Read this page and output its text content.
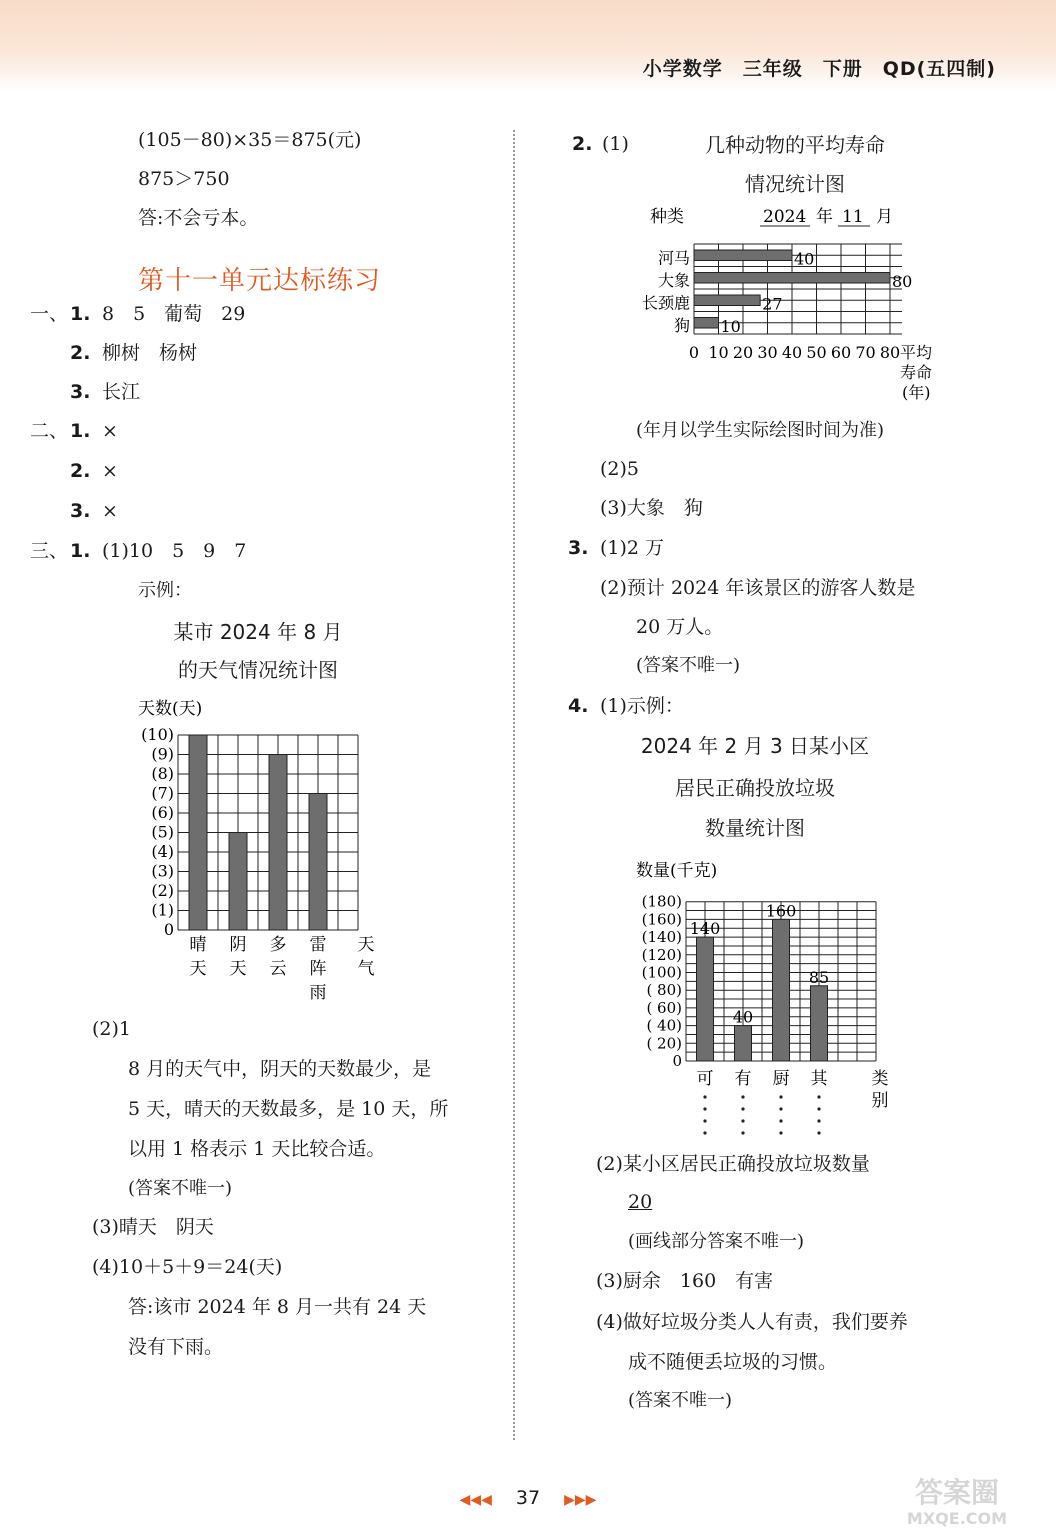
小学数学　三年级　下册　QD(五四制)
(105－80)×35＝875(元)
875＞750
答:不会亏本。
第十一单元达标练习
一、 1. 8　5　葡萄　29
2. 柳树　杨树
3. 长江
二、 1. ×
2. ×
3. ×
三、 1. (1)10　5　9　7
示例：
某市 2024 年 8 月
的天气情况统计图
天数(天)
0
(1)
(2)
(3)
(4)
(5)
(6)
(7)
(8)
(9)
(10)
晴
天
阴
天
多
云
雷
阵
雨
天
气
(2)1
8 月的天气中，阴天的天数最少，是
5 天，晴天的天数最多，是 10 天，所
以用 1 格表示 1 天比较合适。
(答案不唯一)
(3)晴天　阴天
(4)10＋5＋9＝24(天)
答:该市 2024 年 8 月一共有 24 天
没有下雨。
2. (1)	几种动物的平均寿命
情况统计图
种类	2024 年 11 月
0 10 20 30 40 50 60 70 80
40
河马
80
大象
27
长颈鹿
10
狗
平均
寿命
(年)
(年月以学生实际绘图时间为准)
(2)5
(3)大象　狗
3. (1)2 万
(2)预计 2024 年该景区的游客人数是
20 万人。
(答案不唯一)
4. (1)示例：
2024 年 2 月 3 日某小区
居民正确投放垃圾
数量统计图
数量(千克)
0
( 20)
( 40)
( 60)
( 80)
(100)
(120)
(140)
(160)
(180)
140
可
40
有
160
厨
85
其	类
别
(2)某小区居民正确投放垃圾数量
20
(画线部分答案不唯一)
(3)厨余　160　有害
(4)做好垃圾分类人人有责，我们要养
成不随便丢垃圾的习惯。
(答案不唯一)
◀◀◀ 37 ▶▶▶	答案圈
MXQE.COM
